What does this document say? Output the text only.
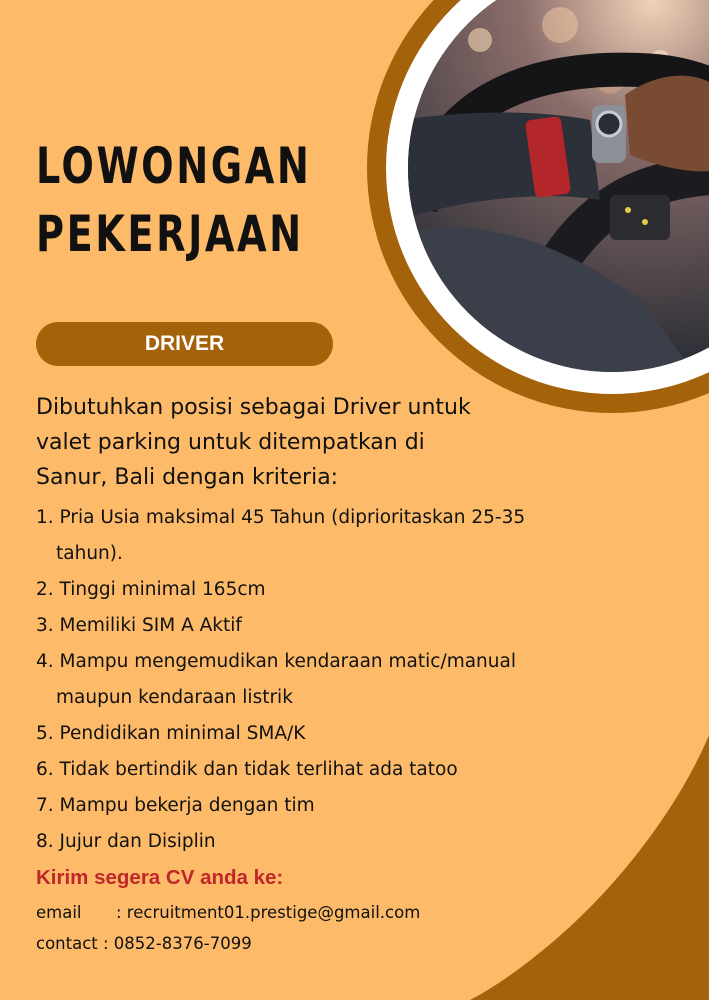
LOWONGAN
PEKERJAAN
DRIVER

Dibutuhkan posisi sebagai Driver untuk
valet parking untuk ditempatkan di
Sanur, Bali dengan kriteria:

1. Pria Usia maksimal 45 Tahun (diprioritaskan 25-35
tahun).
2. Tinggi minimal 165cm
3. Memiliki SIM A Aktif
4. Mampu mengemudikan kendaraan matic/manual
maupun kendaraan listrik
5. Pendidikan minimal SMA/K
6. Tidak bertindik dan tidak terlihat ada tatoo
7. Mampu bekerja dengan tim
8. Jujur dan Disiplin

Kirim segera CV anda ke:

email : recruitment01.prestige@gmail.com
contact : 0852-8376-7099
